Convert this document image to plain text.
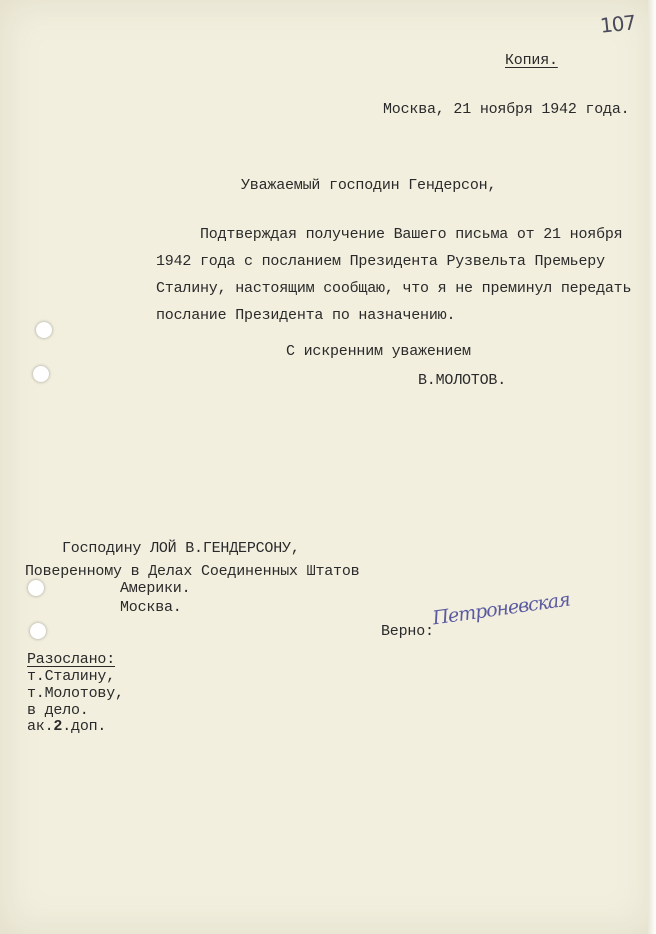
107
Копия.
Москва, 21 ноября 1942 года.
Уважаемый господин Гендерсон,
Подтверждая получение Вашего письма от 21 ноября
1942 года с посланием Президента Рузвельта Премьеру
Сталину, настоящим сообщаю, что я не преминул передать
послание Президента по назначению.
С искренним уважением
В.МОЛОТОВ.
Господину ЛОЙ В.ГЕНДЕРСОНУ,
Поверенному в Делах Соединенных Штатов
Америки.
Москва.
Верно:
Петроневская
Разослано:
т.Сталину,
т.Молотову,
в дело.
ак.2.доп.
